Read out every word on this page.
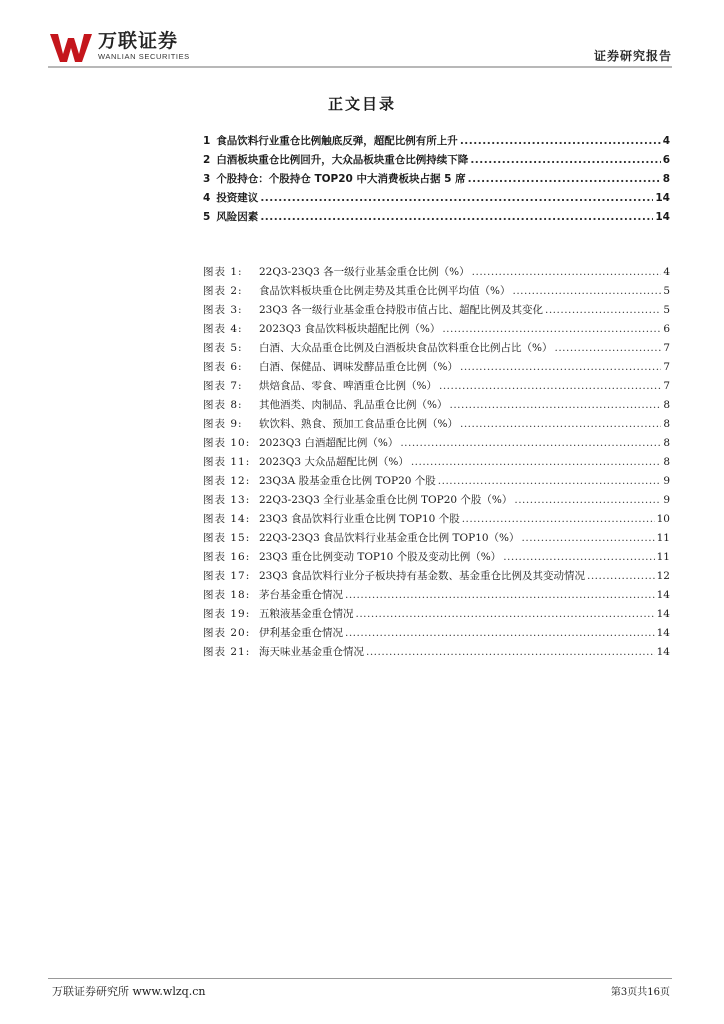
万联证券
WANLIAN SECURITIES	证券研究报告
正文目录
1 食品饮料行业重仓比例触底反弹，超配比例有所上升 .....	4
2 白酒板块重仓比例回升，大众品板块重仓比例持续下降 .....	6
3 个股持仓：个股持仓 TOP20 中大消费板块占据 5 席 .....	8
4 投资建议 .....	14
5 风险因素 .....	14
图表 1:	22Q3-23Q3 各一级行业基金重仓比例（%） .....	4
图表 2:	食品饮料板块重仓比例走势及其重仓比例平均值（%） .....	5
图表 3:	23Q3 各一级行业基金重仓持股市值占比、超配比例及其变化 .....	5
图表 4:	2023Q3 食品饮料板块超配比例（%） .....	6
图表 5:	白酒、大众品重仓比例及白酒板块食品饮料重仓比例占比（%） .....	7
图表 6:	白酒、保健品、调味发酵品重仓比例（%） .....	7
图表 7:	烘焙食品、零食、啤酒重仓比例（%） .....	7
图表 8:	其他酒类、肉制品、乳品重仓比例（%） .....	8
图表 9:	软饮料、熟食、预加工食品重仓比例（%） .....	8
图表 10: 2023Q3 白酒超配比例（%） .....	8
图表 11: 2023Q3 大众品超配比例（%） .....	8
图表 12: 23Q3A 股基金重仓比例 TOP20 个股 .....	9
图表 13: 22Q3-23Q3 全行业基金重仓比例 TOP20 个股（%） .....	9
图表 14: 23Q3 食品饮料行业重仓比例 TOP10 个股 .....	10
图表 15: 22Q3-23Q3 食品饮料行业基金重仓比例 TOP10（%） .....	11
图表 16: 23Q3 重仓比例变动 TOP10 个股及变动比例（%） .....	11
图表 17: 23Q3 食品饮料行业分子板块持有基金数、基金重仓比例及其变动情况 .....	12
图表 18: 茅台基金重仓情况 .....	14
图表 19: 五粮液基金重仓情况 .....	14
图表 20: 伊利基金重仓情况 .....	14
图表 21: 海天味业基金重仓情况 .....	14
万联证券研究所 www.wlzq.cn	第3页共16页
